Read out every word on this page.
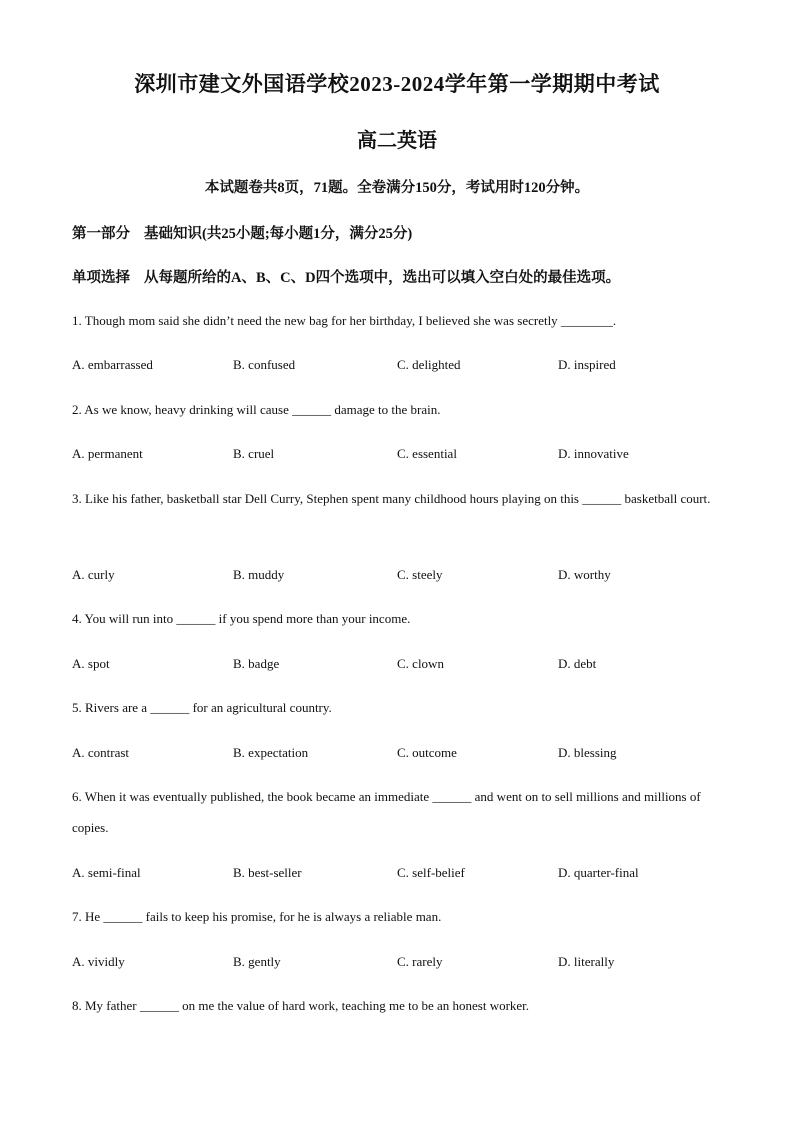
深圳市建文外国语学校2023-2024学年第一学期期中考试
高二英语
本试题卷共8页，71题。全卷满分150分，考试用时120分钟。
第一部分 基础知识(共25小题;每小题1分，满分25分)
单项选择 从每题所给的A、B、C、D四个选项中，选出可以填入空白处的最佳选项。
1. Though mom said she didn’t need the new bag for her birthday, I believed she was secretly ________.
A. embarrassed	B. confused	C. delighted	D. inspired
2. As we know, heavy drinking will cause ______ damage to the brain.
A. permanent	B. cruel	C. essential	D. innovative
3. Like his father, basketball star Dell Curry, Stephen spent many childhood hours playing on this ______ basketball court.
A. curly	B. muddy	C. steely	D. worthy
4. You will run into ______ if you spend more than your income.
A. spot	B. badge	C. clown	D. debt
5. Rivers are a ______ for an agricultural country.
A. contrast	B. expectation	C. outcome	D. blessing
6. When it was eventually published, the book became an immediate ______ and went on to sell millions and millions of copies.
A. semi-final	B. best-seller	C. self-belief	D. quarter-final
7. He ______ fails to keep his promise, for he is always a reliable man.
A. vividly	B. gently	C. rarely	D. literally
8. My father ______ on me the value of hard work, teaching me to be an honest worker.
